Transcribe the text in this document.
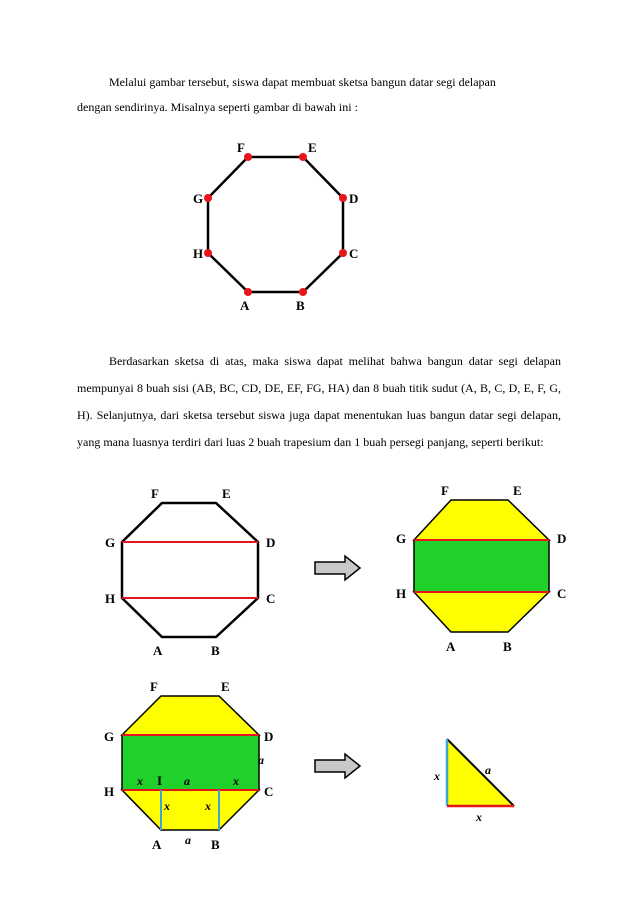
Melalui gambar tersebut, siswa dapat membuat sketsa bangun datar segi delapan
dengan sendirinya. Misalnya seperti gambar di bawah ini :

Berdasarkan sketsa di atas, maka siswa dapat melihat bahwa bangun datar segi delapan mempunyai 8 buah sisi (AB, BC, CD, DE, EF, FG, HA) dan 8 buah titik sudut (A, B, C, D, E, F, G, H). Selanjutnya, dari sketsa tersebut siswa juga dapat menentukan luas bangun datar segi delapan, yang mana luasnya terdiri dari luas 2 buah trapesium dan 1 buah persegi panjang, seperti berikut:

F	E
D
C
B
A
H
G
F	E
D
C
B
A
H
G
F	E
D
C
B
A
H
G
F	E
D
C
B
A
H
G
x I a	x
a
x	x
a
x	a
x
